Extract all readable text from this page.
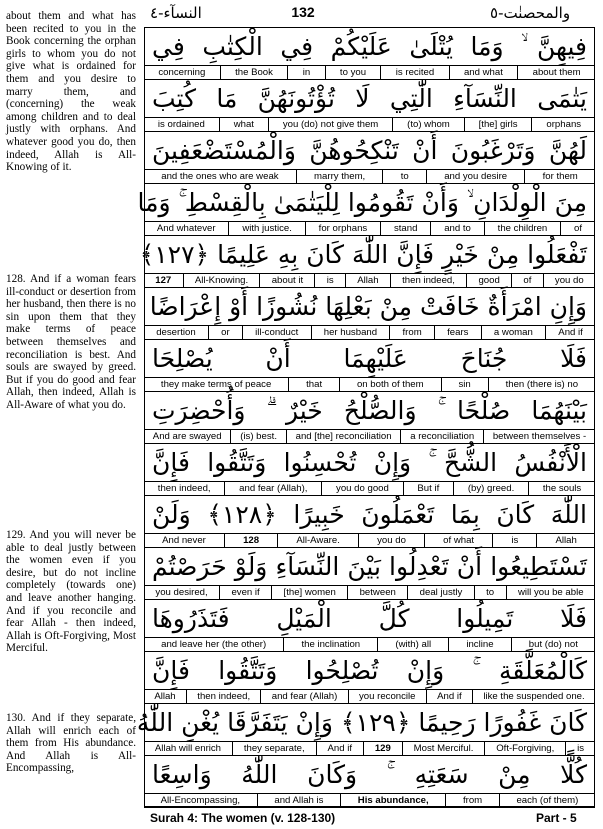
والمحصنٰت-٥
132
النسآء-٤
about them and what has been recited to you in the Book concerning the orphan girls to whom you do not give what is ordained for them and you desire to marry them, and (concerning) the weak among children and to deal justly with orphans. And whatever good you do, then indeed, Allah is All-Knowing of it.
128. And if a woman fears ill-conduct or desertion from her husband, then there is no sin upon them that they make terms of peace between themselves and reconciliation is best. And souls are swayed by greed. But if you do good and fear Allah, then indeed, Allah is All-Aware of what you do.
129. And you will never be able to deal justly between the women even if you desire, but do not incline completely (towards one) and leave another hanging. And if you reconcile and fear Allah - then indeed, Allah is Oft-Forgiving, Most Merciful.
130. And if they separate, Allah will enrich each of them from His abundance. And Allah is All-Encompassing,
فِيهِنَّ ۙ وَمَا يُتْلَىٰ عَلَيْكُمْ فِي الْكِتٰبِ فِي
concerning	the Book	in	to you	is recited	and what	about them
يَتٰمَى النِّسَآءِ الّٰتِي لَا تُؤْتُونَهُنَّ مَا كُتِبَ
is ordained	what	you (do) not give them	(to) whom	[the] girls	orphans
لَهُنَّ وَتَرْغَبُونَ أَنْ تَنْكِحُوهُنَّ وَالْمُسْتَضْعَفِينَ
and the ones who are weak	marry them,	to	and you desire	for them
مِنَ الْوِلْدَانِ ۙ وَأَنْ تَقُومُوا لِلْيَتٰمَىٰ بِالْقِسْطِ ۚ وَمَا
And whatever	with justice.	for orphans	stand	and to	the children	of
تَفْعَلُوا مِنْ خَيْرٍ فَإِنَّ اللّٰهَ كَانَ بِهِ عَلِيمًا ﴿١٢٧﴾
127	All-Knowing.	about it	is	Allah	then indeed,	good	of	you do
وَإِنِ امْرَأَةٌ خَافَتْ مِنْ بَعْلِهَا نُشُوزًا أَوْ إِعْرَاضًا
desertion	or	ill-conduct	her husband	from	fears	a woman	And if
فَلَا جُنَاحَ عَلَيْهِمَا أَنْ يُصْلِحَا
they make terms of peace	that	on both of them	sin	then (there is) no
بَيْنَهُمَا صُلْحًا ۚ وَالصُّلْحُ خَيْرٌ ۗ وَأُحْضِرَتِ
And are swayed	(is) best.	and [the] reconciliation	a reconciliation	between themselves -
الْأَنْفُسُ الشُّحَّ ۚ وَإِنْ تُحْسِنُوا وَتَتَّقُوا فَإِنَّ
then indeed,	and fear (Allah),	you do good	But if	(by) greed.	the souls
اللّٰهَ كَانَ بِمَا تَعْمَلُونَ خَبِيرًا ﴿١٢٨﴾ وَلَنْ
And never	128	All-Aware.	you do	of what	is	Allah
تَسْتَطِيعُوا أَنْ تَعْدِلُوا بَيْنَ النِّسَآءِ وَلَوْ حَرَصْتُمْ
you desired,	even if	[the] women	between	deal justly	to	will you be able
فَلَا تَمِيلُوا كُلَّ الْمَيْلِ فَتَذَرُوهَا
and leave her (the other)	the inclination	(with) all	incline	but (do) not
كَالْمُعَلَّقَةِ ۚ وَإِنْ تُصْلِحُوا وَتَتَّقُوا فَإِنَّ
Allah	then indeed,	and fear (Allah)	you reconcile	And if	like the suspended one.
كَانَ غَفُورًا رَحِيمًا ﴿١٢٩﴾ وَإِنْ يَتَفَرَّقَا يُغْنِ اللّٰهُ
Allah will enrich	they separate,	And if	129	Most Merciful.	Oft-Forgiving,	is
كُلًّا مِنْ سَعَتِهِ ۚ وَكَانَ اللّٰهُ وَاسِعًا
All-Encompassing,	and Allah is	His abundance,	from	each (of them)
Surah 4: The women (v. 128-130)	Part - 5
